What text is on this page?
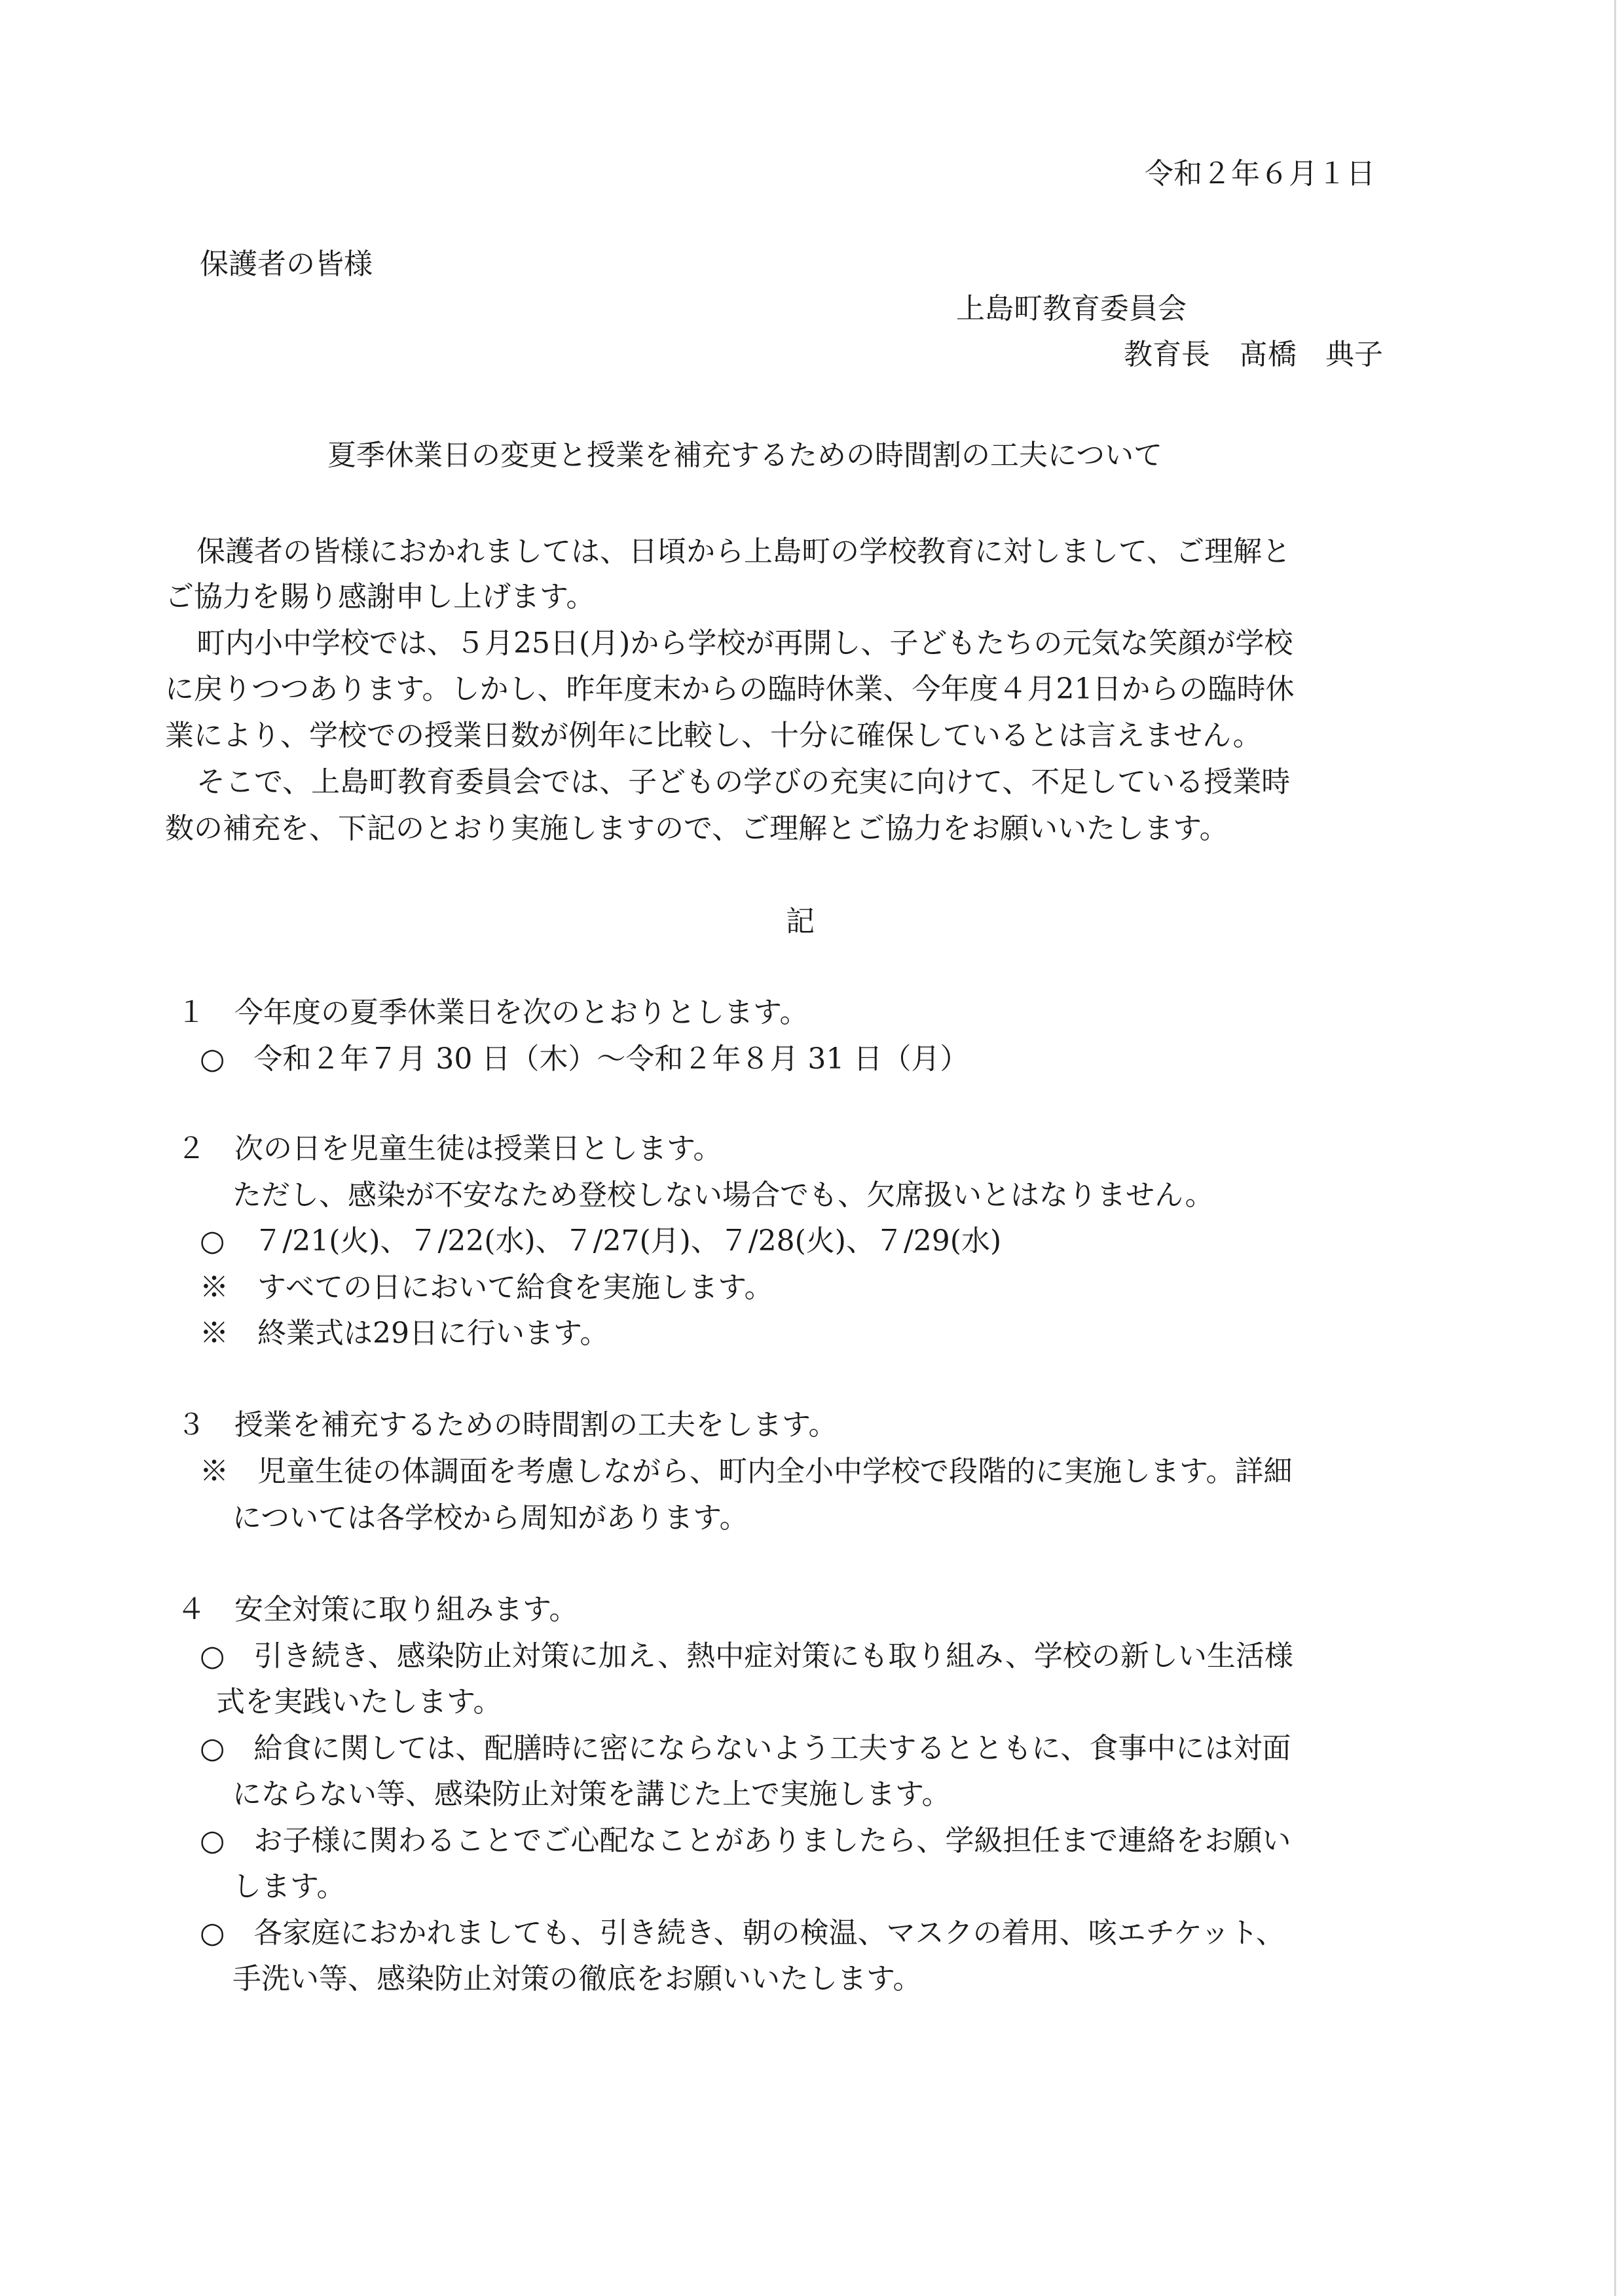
令和２年６月１日
保護者の皆様
上島町教育委員会
教育長　髙橋　典子
夏季休業日の変更と授業を補充するための時間割の工夫について
保護者の皆様におかれましては、日頃から上島町の学校教育に対しまして、ご理解と
ご協力を賜り感謝申し上げます。
町内小中学校では、５月25日(月)から学校が再開し、子どもたちの元気な笑顔が学校
に戻りつつあります。しかし、昨年度末からの臨時休業、今年度４月21日からの臨時休
業により、学校での授業日数が例年に比較し、十分に確保しているとは言えません。
そこで、上島町教育委員会では、子どもの学びの充実に向けて、不足している授業時
数の補充を、下記のとおり実施しますので、ご理解とご協力をお願いいたします。
記
１　今年度の夏季休業日を次のとおりとします。
○　令和２年７月 30 日（木）～令和２年８月 31 日（月）
２　次の日を児童生徒は授業日とします。
ただし、感染が不安なため登校しない場合でも、欠席扱いとはなりません。
○　７/21(火)、７/22(水)、７/27(月)、７/28(火)、７/29(水)
※　すべての日において給食を実施します。
※　終業式は29日に行います。
３　授業を補充するための時間割の工夫をします。
※　児童生徒の体調面を考慮しながら、町内全小中学校で段階的に実施します。詳細
については各学校から周知があります。
４　安全対策に取り組みます。
○　引き続き、感染防止対策に加え、熱中症対策にも取り組み、学校の新しい生活様
式を実践いたします。
○　給食に関しては、配膳時に密にならないよう工夫するとともに、食事中には対面
にならない等、感染防止対策を講じた上で実施します。
○　お子様に関わることでご心配なことがありましたら、学級担任まで連絡をお願い
します。
○　各家庭におかれましても、引き続き、朝の検温、マスクの着用、咳エチケット、
手洗い等、感染防止対策の徹底をお願いいたします。
